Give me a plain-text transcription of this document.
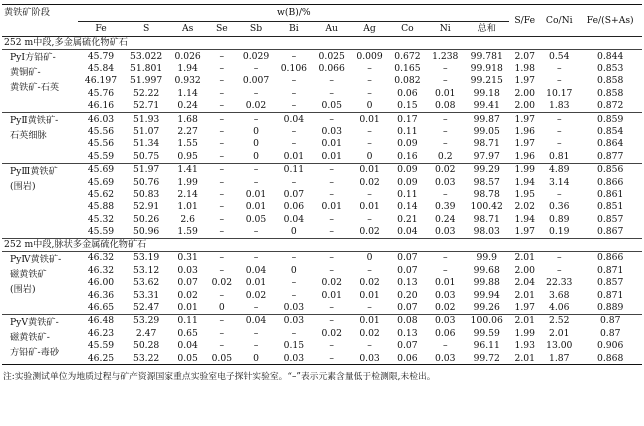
黄铁矿阶段	w(B)/%											S/Fe	Co/Ni	Fe/(S+As)
	Fe	S	As	Se	Sb	Bi	Au	Ag	Co	Ni	总和			
252 m中段,多金属硫化物矿石														

PyⅠ方铅矿-
黄铜矿-
黄铁矿-石英	45.79	53.022	0.026	–	0.029	–	0.025	0.009	0.672	1.238	99.781	2.07	0.54	0.844
	45.84	51.801	1.94	–	–	0.106	0.066	–	0.165	–	99.918	1.98	–	0.853
	46.197	51.997	0.932	–	0.007	–	–	–	0.082	–	99.215	1.97	–	0.858
	45.76	52.22	1.14	–	–	–	–	–	0.06	0.01	99.18	2.00	10.17	0.858
	46.16	52.71	0.24	–	0.02	–	0.05	0	0.15	0.08	99.41	2.00	1.83	0.872

PyⅡ黄铁矿-
石英细脉	46.03	51.93	1.68	–	–	0.04	–	0.01	0.17	–	99.87	1.97	–	0.859
	45.56	51.07	2.27	–	0	–	0.03	–	0.11	–	99.05	1.96	–	0.854
	45.56	51.34	1.55	–	0	–	0.01	–	0.09	–	98.71	1.97	–	0.864
	45.59	50.75	0.95	–	0	0.01	0.01	0	0.16	0.2	97.97	1.96	0.81	0.877

PyⅢ黄铁矿
(围岩)	45.69	51.97	1.41	–	–	0.11	–	0.01	0.09	0.02	99.29	1.99	4.89	0.856
	45.69	50.76	1.99	–	–	–	–	0.02	0.09	0.03	98.57	1.94	3.14	0.866
	45.62	50.83	2.14	–	0.01	0.07	–	–	0.11	–	98.78	1.95	–	0.861
	45.88	52.91	1.01	–	0.01	0.06	0.01	0.01	0.14	0.39	100.42	2.02	0.36	0.851
	45.32	50.26	2.6	–	0.05	0.04	–	–	0.21	0.24	98.71	1.94	0.89	0.857
	45.59	50.96	1.59	–	–	0	–	0.02	0.04	0.03	98.03	1.97	0.19	0.867
252 m中段,脉状多金属硫化物矿石														

PyⅣ黄铁矿-
磁黄铁矿
(围岩)	46.32	53.19	0.31	–	–	–	–	0	0.07	–	99.9	2.01	–	0.866
	46.32	53.12	0.03	–	0.04	0	–	–	0.07	–	99.68	2.00	–	0.871
	46.00	53.62	0.07	0.02	0.01	–	0.02	0.02	0.13	0.01	99.88	2.04	22.33	0.857
	46.36	53.31	0.02	–	0.02	–	0.01	0.01	0.20	0.03	99.94	2.01	3.68	0.871
	46.65	52.47	0.01	0	–	0.03	–	–	0.07	0.02	99.26	1.97	4.06	0.889

PyⅤ黄铁矿-
磁黄铁矿-
方铅矿-毒砂	46.48	53.29	0.11	–	0.04	0.03	–	0.01	0.08	0.03	100.06	2.01	2.52	0.87
	46.23	2.47	0.65	–	–	–	0.02	0.02	0.13	0.06	99.59	1.99	2.01	0.87
	45.59	50.28	0.04	–	–	0.15	–	–	0.07	–	96.11	1.93	13.00	0.906
	46.25	53.22	0.05	0.05	0	0.03	–	0.03	0.06	0.03	99.72	2.01	1.87	0.868
注:实验测试单位为地质过程与矿产资源国家重点实验室电子探针实验室。“–”表示元素含量低于检测限,未检出。
